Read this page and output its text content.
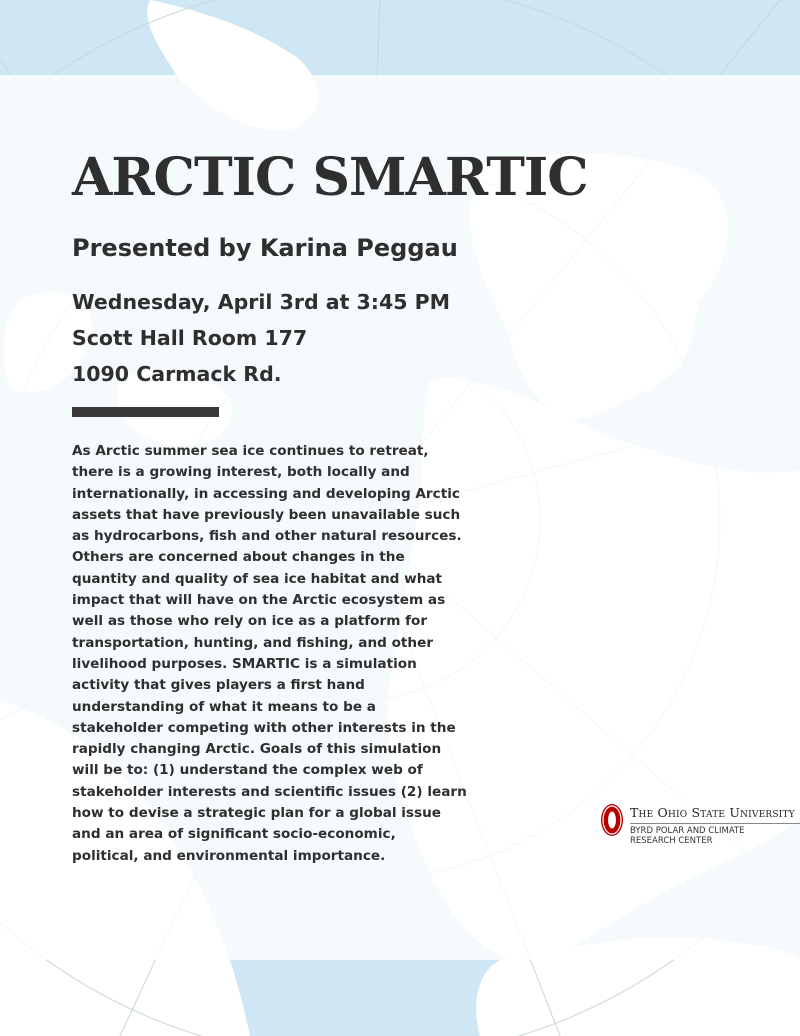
ARCTIC SMARTIC
Presented by Karina Peggau
Wednesday, April 3rd at 3:45 PM
Scott Hall Room 177
1090 Carmack Rd.
As Arctic summer sea ice continues to retreat,
there is a growing interest, both locally and
internationally, in accessing and developing Arctic
assets that have previously been unavailable such
as hydrocarbons, fish and other natural resources.
Others are concerned about changes in the
quantity and quality of sea ice habitat and what
impact that will have on the Arctic ecosystem as
well as those who rely on ice as a platform for
transportation, hunting, and fishing, and other
livelihood purposes. SMARTIC is a simulation
activity that gives players a first hand
understanding of what it means to be a
stakeholder competing with other interests in the
rapidly changing Arctic. Goals of this simulation
will be to: (1) understand the complex web of
stakeholder interests and scientific issues (2) learn
how to devise a strategic plan for a global issue
and an area of significant socio-economic,
political, and environmental importance.
The Ohio State University
BYRD POLAR AND CLIMATE
RESEARCH CENTER
